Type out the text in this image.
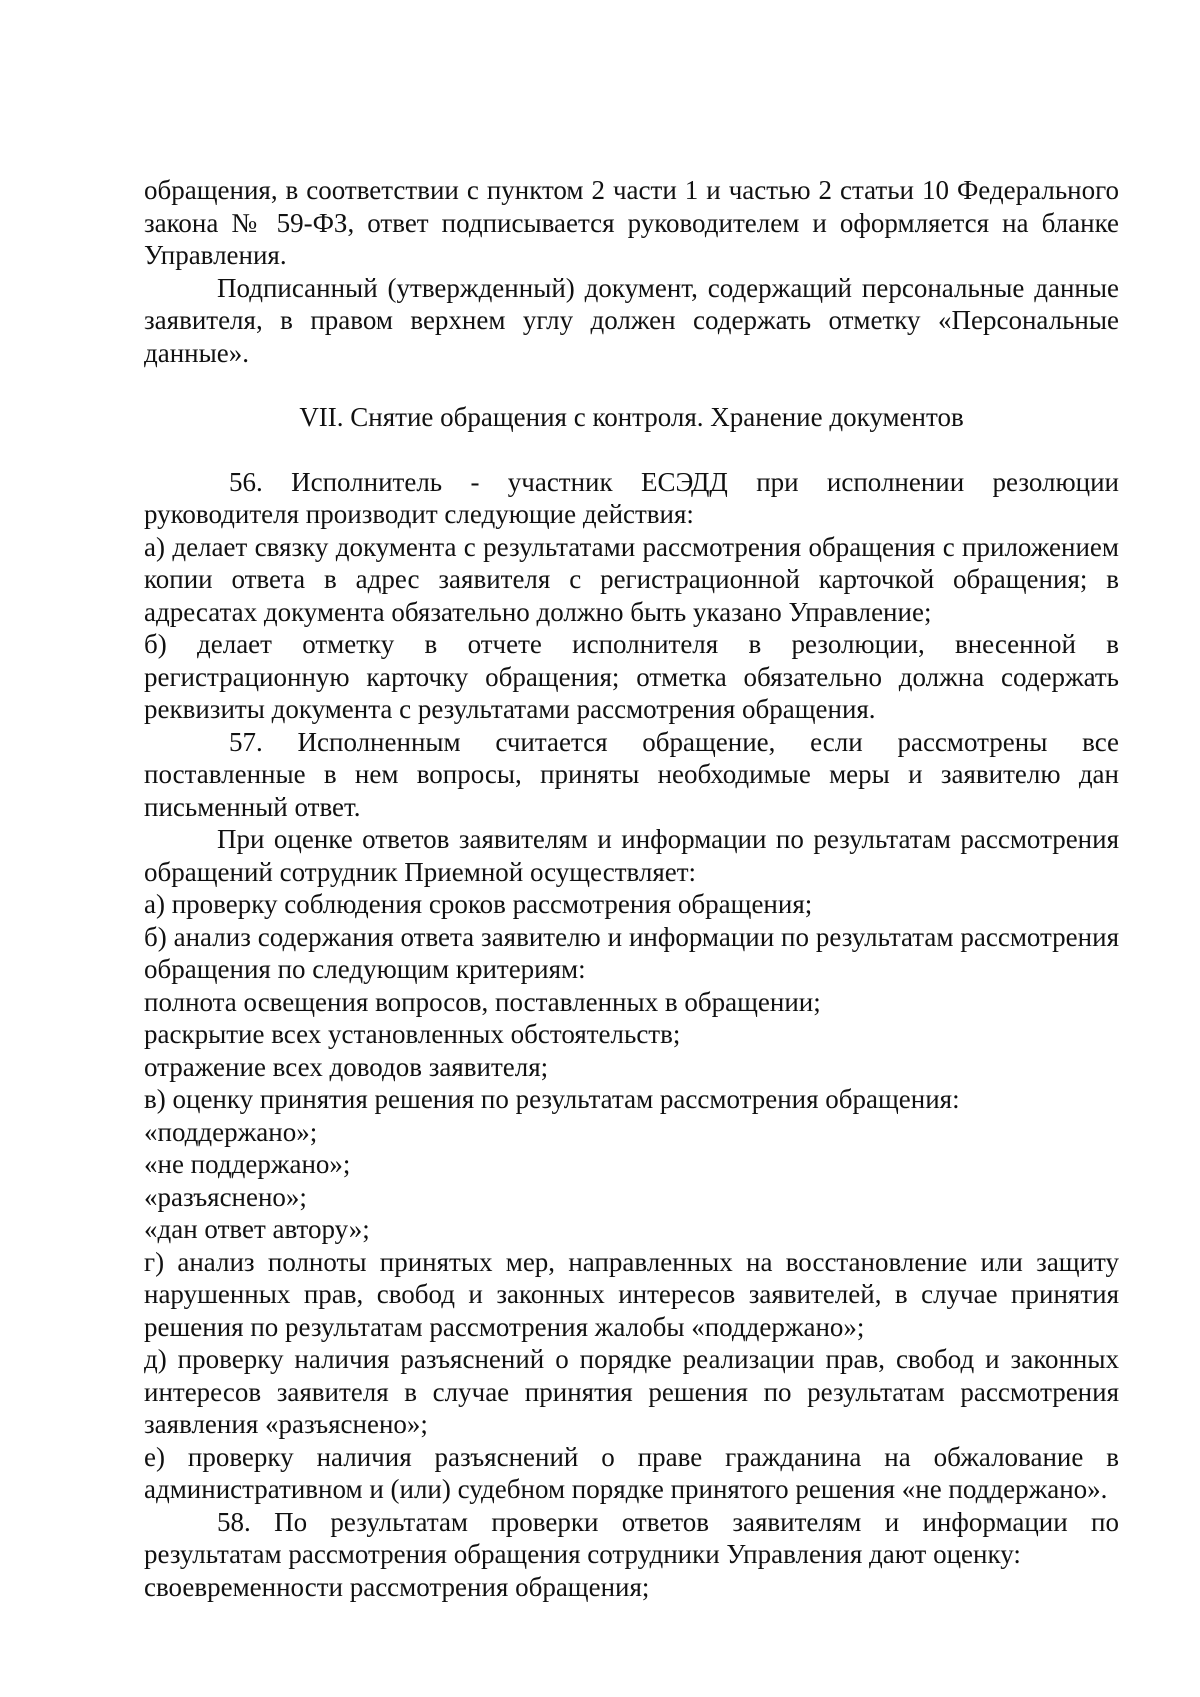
обращения, в соответствии с пунктом 2 части 1 и частью 2 статьи 10 Федерального закона № 59-ФЗ, ответ подписывается руководителем и оформляется на бланке Управления.

Подписанный (утвержденный) документ, содержащий персональные данные заявителя, в правом верхнем углу должен содержать отметку «Персональные данные».

VII. Снятие обращения с контроля. Хранение документов

56. Исполнитель - участник ЕСЭДД при исполнении резолюции руководителя производит следующие действия:

а) делает связку документа с результатами рассмотрения обращения с приложением копии ответа в адрес заявителя с регистрационной карточкой обращения; в адресатах документа обязательно должно быть указано Управление;

б) делает отметку в отчете исполнителя в резолюции, внесенной в регистрационную карточку обращения; отметка обязательно должна содержать реквизиты документа с результатами рассмотрения обращения.

57. Исполненным считается обращение, если рассмотрены все поставленные в нем вопросы, приняты необходимые меры и заявителю дан письменный ответ.

При оценке ответов заявителям и информации по результатам рассмотрения обращений сотрудник Приемной осуществляет:

а) проверку соблюдения сроков рассмотрения обращения;

б) анализ содержания ответа заявителю и информации по результатам рассмотрения обращения по следующим критериям:

полнота освещения вопросов, поставленных в обращении;

раскрытие всех установленных обстоятельств;

отражение всех доводов заявителя;

в) оценку принятия решения по результатам рассмотрения обращения:

«поддержано»;

«не поддержано»;

«разъяснено»;

«дан ответ автору»;

г) анализ полноты принятых мер, направленных на восстановление или защиту нарушенных прав, свобод и законных интересов заявителей, в случае принятия решения по результатам рассмотрения жалобы «поддержано»;

д) проверку наличия разъяснений о порядке реализации прав, свобод и законных интересов заявителя в случае принятия решения по результатам рассмотрения заявления «разъяснено»;

е) проверку наличия разъяснений о праве гражданина на обжалование в административном и (или) судебном порядке принятого решения «не поддержано».

58. По результатам проверки ответов заявителям и информации по результатам рассмотрения обращения сотрудники Управления дают оценку:

своевременности рассмотрения обращения;
